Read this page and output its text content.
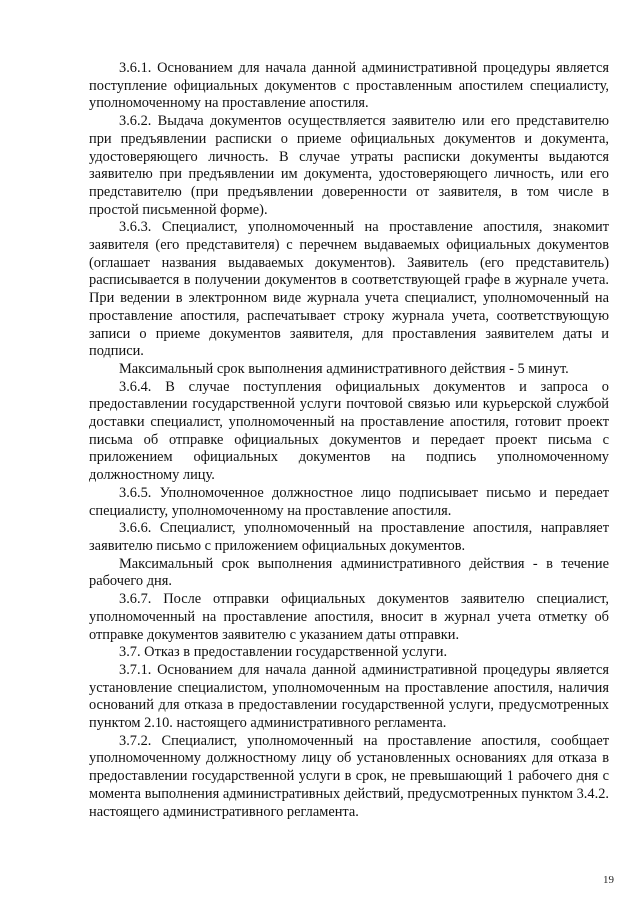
3.6.1. Основанием для начала данной административной процедуры является поступление официальных документов с проставленным апостилем специалисту, уполномоченному на проставление апостиля.

3.6.2. Выдача документов осуществляется заявителю или его представителю при предъявлении расписки о приеме официальных документов и документа, удостоверяющего личность. В случае утраты расписки документы выдаются заявителю при предъявлении им документа, удостоверяющего личность, или его представителю (при предъявлении доверенности от заявителя, в том числе в простой письменной форме).

3.6.3. Специалист, уполномоченный на проставление апостиля, знакомит заявителя (его представителя) с перечнем выдаваемых официальных документов (оглашает названия выдаваемых документов). Заявитель (его представитель) расписывается в получении документов в соответствующей графе в журнале учета. При ведении в электронном виде журнала учета специалист, уполномоченный на проставление апостиля, распечатывает строку журнала учета, соответствующую записи о приеме документов заявителя, для проставления заявителем даты и подписи.

Максимальный срок выполнения административного действия - 5 минут.

3.6.4. В случае поступления официальных документов и запроса о предоставлении государственной услуги почтовой связью или курьерской службой доставки специалист, уполномоченный на проставление апостиля, готовит проект письма об отправке официальных документов и передает проект письма с приложением официальных документов на подпись уполномоченному должностному лицу.

3.6.5. Уполномоченное должностное лицо подписывает письмо и передает специалисту, уполномоченному на проставление апостиля.

3.6.6. Специалист, уполномоченный на проставление апостиля, направляет заявителю письмо с приложением официальных документов.

Максимальный срок выполнения административного действия - в течение рабочего дня.

3.6.7. После отправки официальных документов заявителю специалист, уполномоченный на проставление апостиля, вносит в журнал учета отметку об отправке документов заявителю с указанием даты отправки.

3.7. Отказ в предоставлении государственной услуги.

3.7.1. Основанием для начала данной административной процедуры является установление специалистом, уполномоченным на проставление апостиля, наличия оснований для отказа в предоставлении государственной услуги, предусмотренных пунктом 2.10. настоящего административного регламента.

3.7.2. Специалист, уполномоченный на проставление апостиля, сообщает уполномоченному должностному лицу об установленных основаниях для отказа в предоставлении государственной услуги в срок, не превышающий 1 рабочего дня с момента выполнения административных действий, предусмотренных пунктом 3.4.2. настоящего административного регламента.

19
